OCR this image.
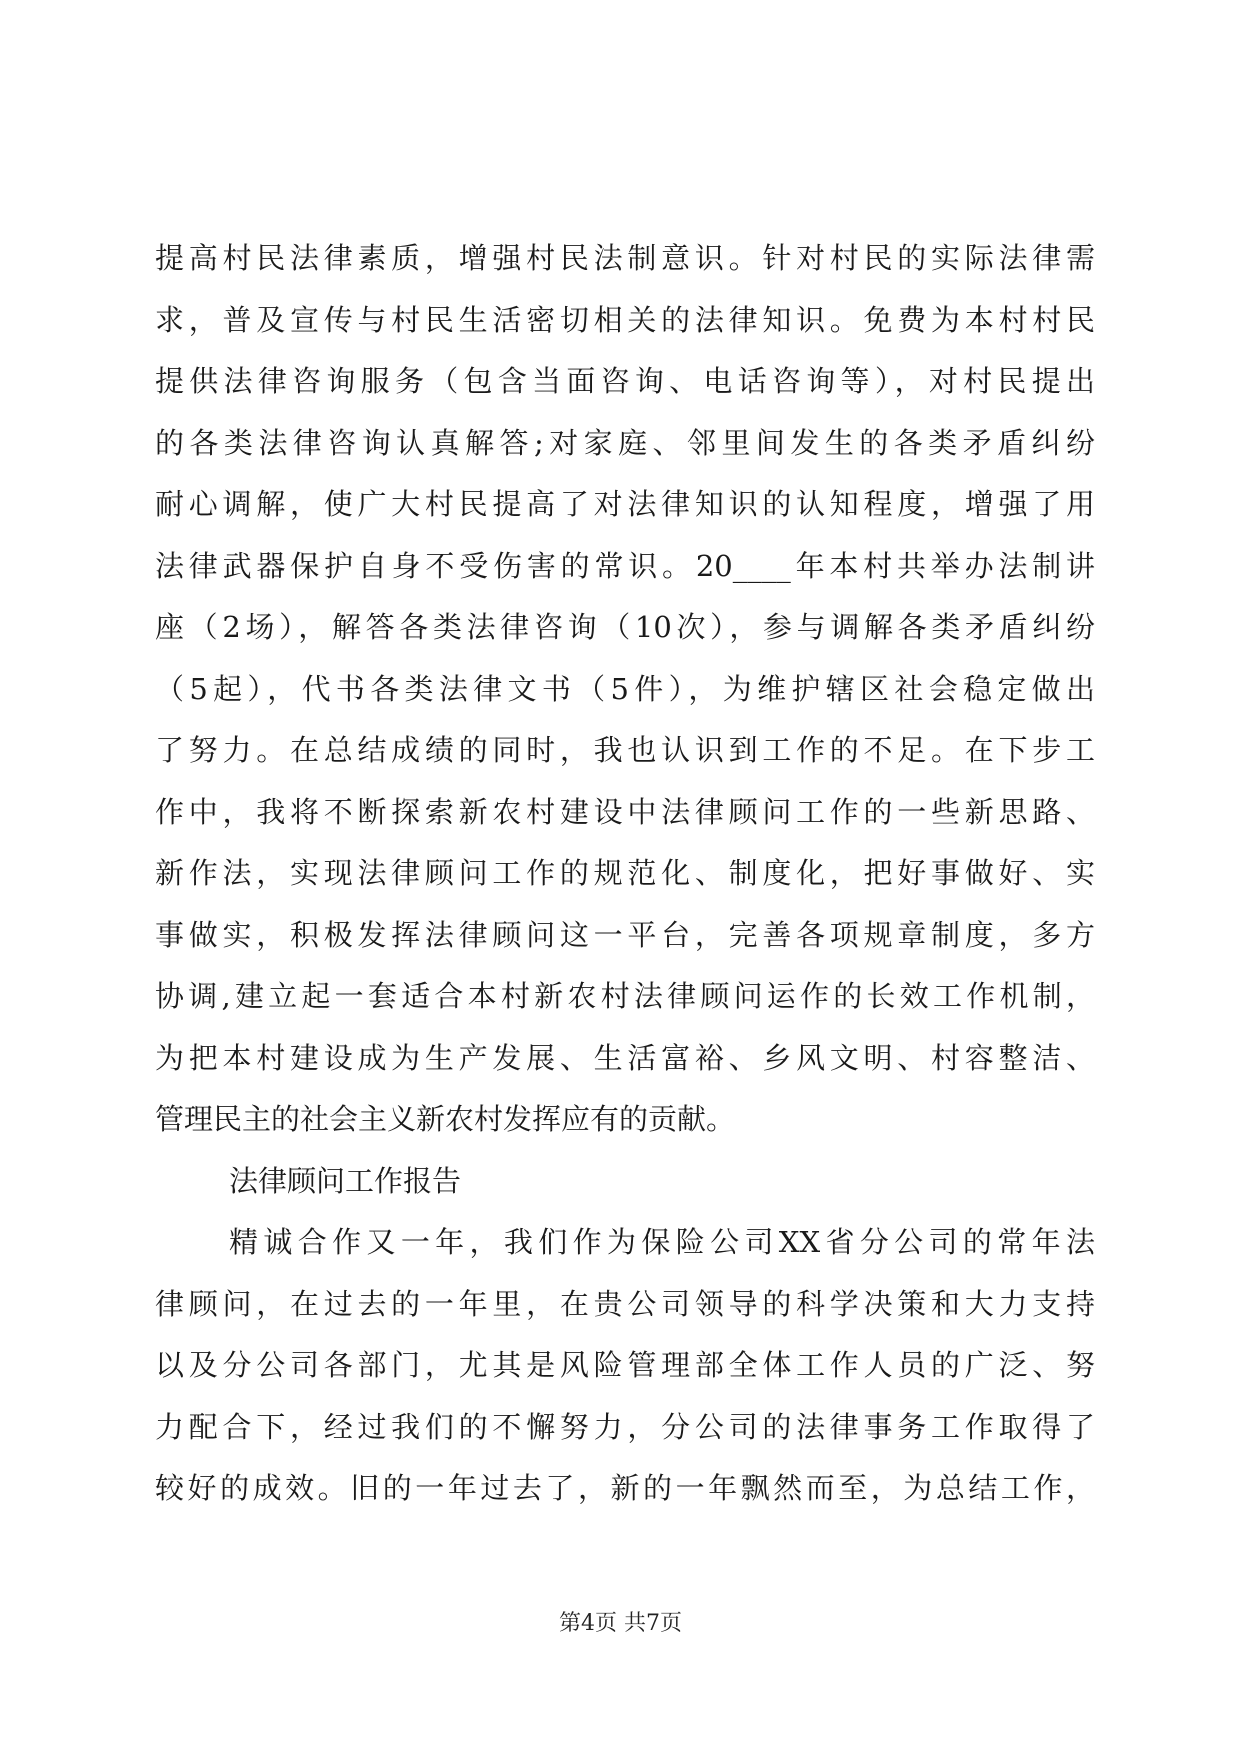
提高村民法律素质，增强村民法制意识。针对村民的实际法律需
求，普及宣传与村民生活密切相关的法律知识。免费为本村村民
提供法律咨询服务（包含当面咨询、电话咨询等），对村民提出
的各类法律咨询认真解答;对家庭、邻里间发生的各类矛盾纠纷
耐心调解，使广大村民提高了对法律知识的认知程度，增强了用
法律武器保护自身不受伤害的常识。20____年本村共举办法制讲
座（2场），解答各类法律咨询（10次），参与调解各类矛盾纠纷
（5起），代书各类法律文书（5件），为维护辖区社会稳定做出
了努力。在总结成绩的同时，我也认识到工作的不足。在下步工
作中，我将不断探索新农村建设中法律顾问工作的一些新思路、
新作法，实现法律顾问工作的规范化、制度化，把好事做好、实
事做实，积极发挥法律顾问这一平台，完善各项规章制度，多方
协调,建立起一套适合本村新农村法律顾问运作的长效工作机制，
为把本村建设成为生产发展、生活富裕、乡风文明、村容整洁、
管理民主的社会主义新农村发挥应有的贡献。
法律顾问工作报告
精诚合作又一年，我们作为保险公司XX省分公司的常年法
律顾问，在过去的一年里，在贵公司领导的科学决策和大力支持
以及分公司各部门，尤其是风险管理部全体工作人员的广泛、努
力配合下，经过我们的不懈努力，分公司的法律事务工作取得了
较好的成效。旧的一年过去了，新的一年飘然而至，为总结工作，
第4页 共7页
